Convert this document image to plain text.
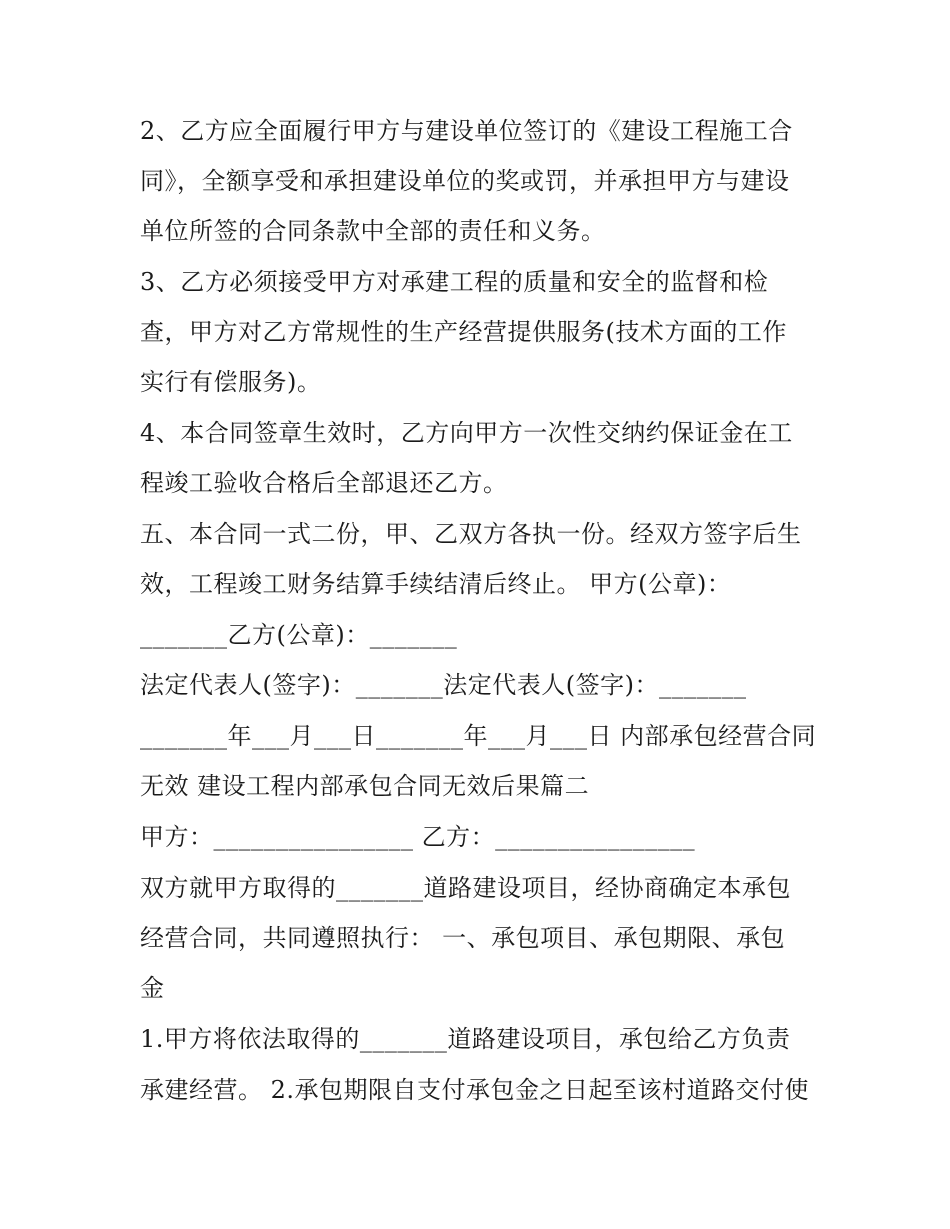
2、乙方应全面履行甲方与建设单位签订的《建设工程施工合
同》，全额享受和承担建设单位的奖或罚，并承担甲方与建设
单位所签的合同条款中全部的责任和义务。
3、乙方必须接受甲方对承建工程的质量和安全的监督和检
查，甲方对乙方常规性的生产经营提供服务(技术方面的工作
实行有偿服务)。
4、本合同签章生效时，乙方向甲方一次性交纳约保证金在工
程竣工验收合格后全部退还乙方。
五、本合同一式二份，甲、乙双方各执一份。经双方签字后生
效，工程竣工财务结算手续结清后终止。 甲方(公章)：
_______乙方(公章)：_______
法定代表人(签字)：_______法定代表人(签字)：_______
_______年___月___日_______年___月___日 内部承包经营合同
无效 建设工程内部承包合同无效后果篇二
甲方：________________ 乙方：________________
双方就甲方取得的_______道路建设项目，经协商确定本承包
经营合同，共同遵照执行： 一、承包项目、承包期限、承包
金
1.甲方将依法取得的_______道路建设项目，承包给乙方负责
承建经营。 2.承包期限自支付承包金之日起至该村道路交付使
